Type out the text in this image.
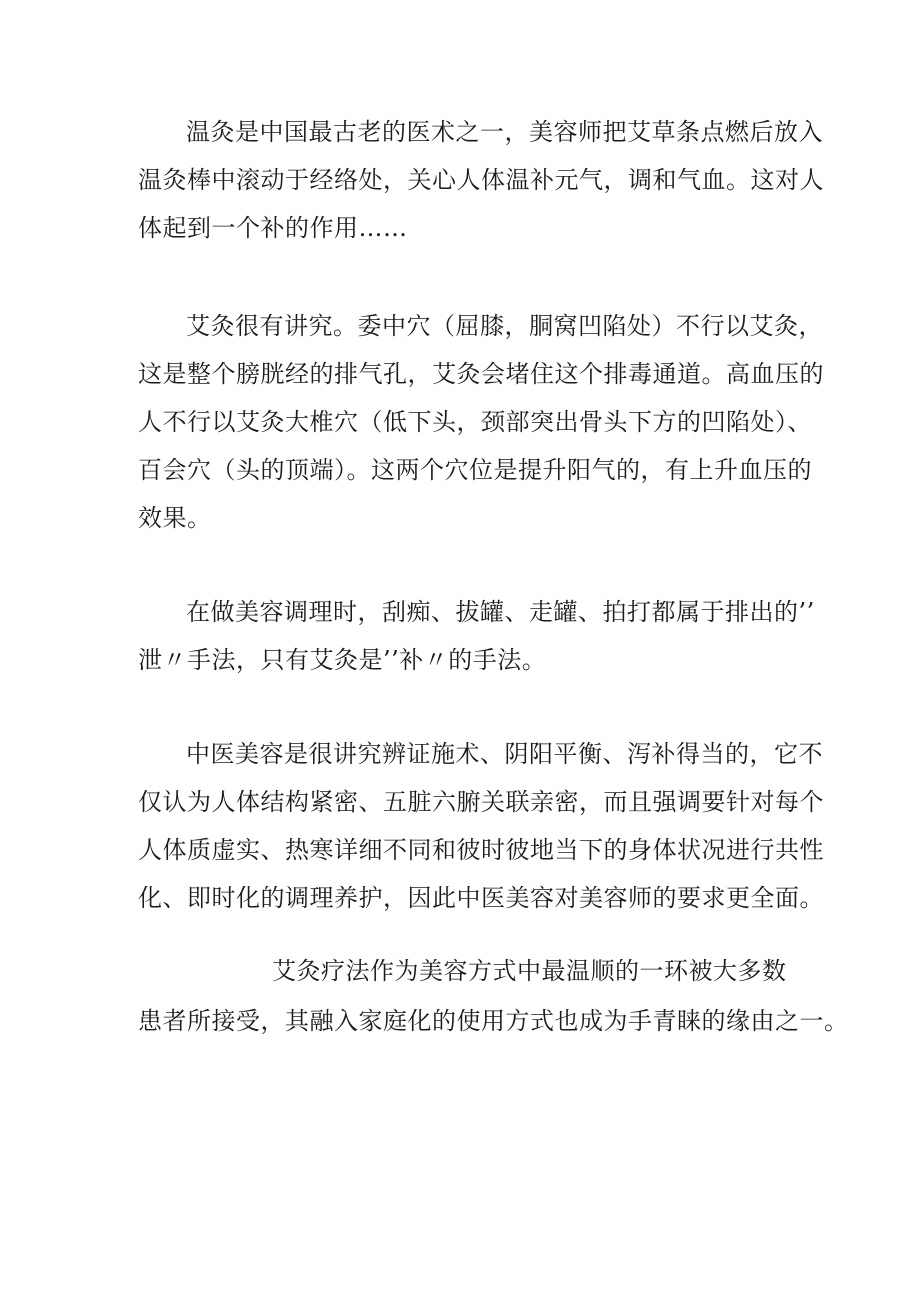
温灸是中国最古老的医术之一，美容师把艾草条点燃后放入
温灸棒中滚动于经络处，关心人体温补元气，调和气血。这对人
体起到一个补的作用……
艾灸很有讲究。委中穴（屈膝，胴窝凹陷处）不行以艾灸，
这是整个膀胱经的排气孔，艾灸会堵住这个排毒通道。高血压的
人不行以艾灸大椎穴（低下头，颈部突出骨头下方的凹陷处）、
百会穴（头的顶端）。这两个穴位是提升阳气的，有上升血压的
效果。
在做美容调理时，刮痴、拔罐、走罐、拍打都属于排出的’’
泄〃手法，只有艾灸是’’补〃的手法。
中医美容是很讲究辨证施术、阴阳平衡、泻补得当的，它不
仅认为人体结构紧密、五脏六腑关联亲密，而且强调要针对每个
人体质虚实、热寒详细不同和彼时彼地当下的身体状况进行共性
化、即时化的调理养护，因此中医美容对美容师的要求更全面。
艾灸疗法作为美容方式中最温顺的一环被大多数
患者所接受，其融入家庭化的使用方式也成为手青睐的缘由之一。
